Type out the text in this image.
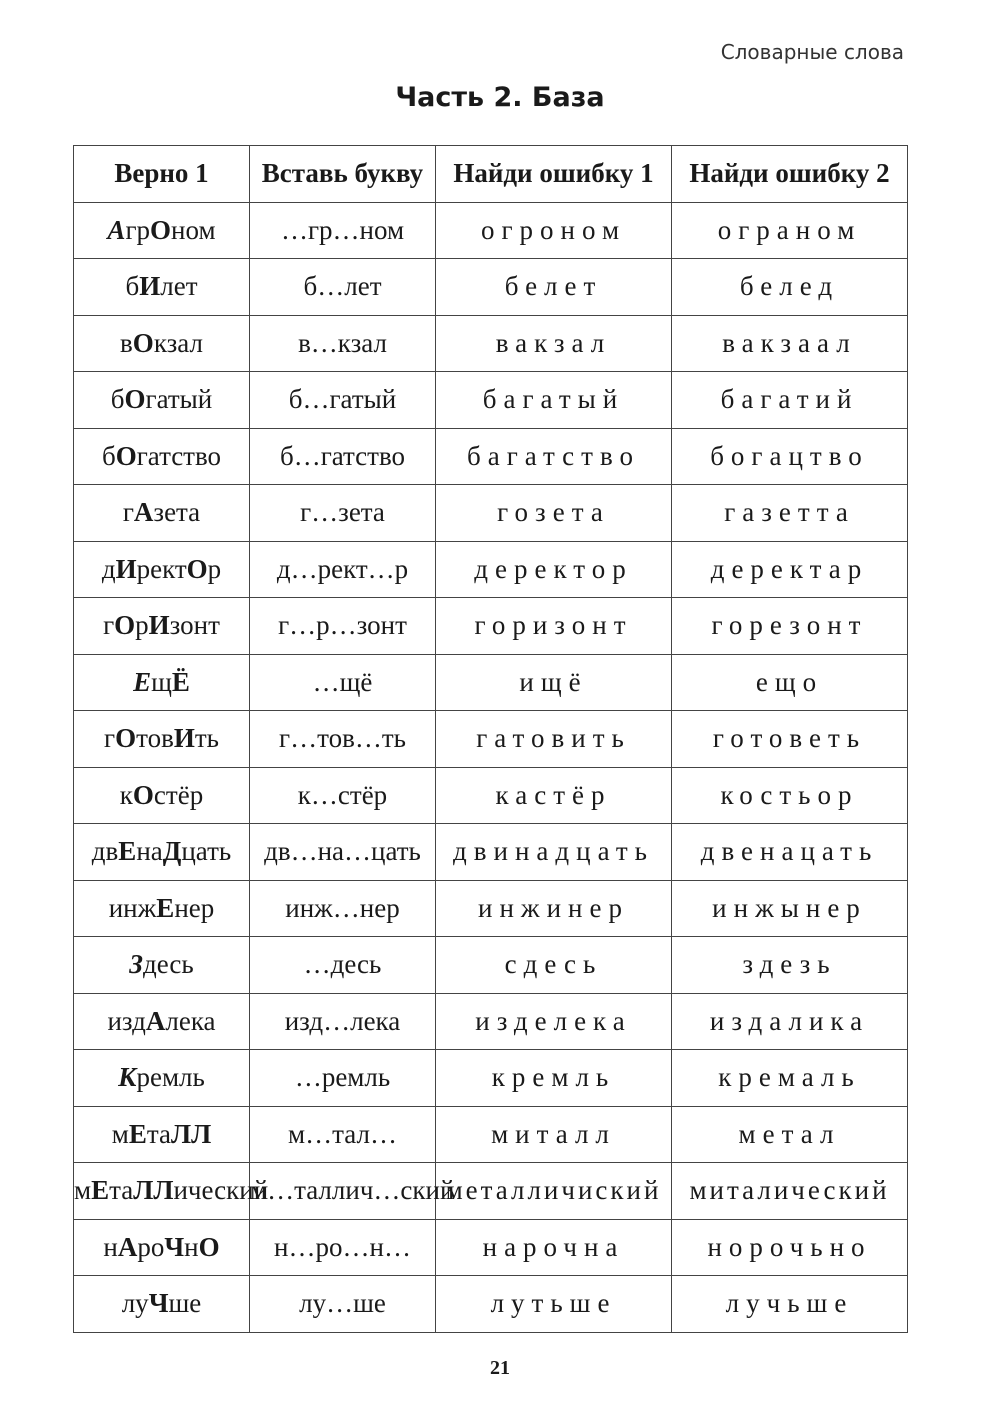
Словарные слова
Часть 2. База
Верно 1	Вставь букву	Найди ошибку 1	Найди ошибку 2
АгрОном	…гр…ном	огроном	ограном
бИлет	б…лет	белет	белед
вОкзал	в…кзал	вакзал	вакзаал
бОгатый	б…гатый	багатый	багатий
бОгатство	б…гатство	багатство	богацтво
гАзета	г…зета	гозета	газетта
дИректОр	д…рект…р	деректор	деректар
гОрИзонт	г…р…зонт	горизонт	горезонт
ЕщЁ	…щё	ищё	ещо
гОтовИть	г…тов…ть	гатовить	готоветь
кОстёр	к…стёр	кастёр	костьор
двЕнаДцать	дв…на…цать	двинадцать	двенацать
инжЕнер	инж…нер	инжинер	инжынер
Здесь	…десь	сдесь	здезь
издАлека	изд…лека	изделека	издалика
Кремль	…ремль	кремль	кремаль
мЕтаЛЛ	м…тал…	миталл	метал
мЕтаЛЛический	м…таллич…ский	металличиский	миталический
нАроЧнО	н…ро…н…	нарочна	норочьно
луЧше	лу…ше	лутьше	лучьше
21
